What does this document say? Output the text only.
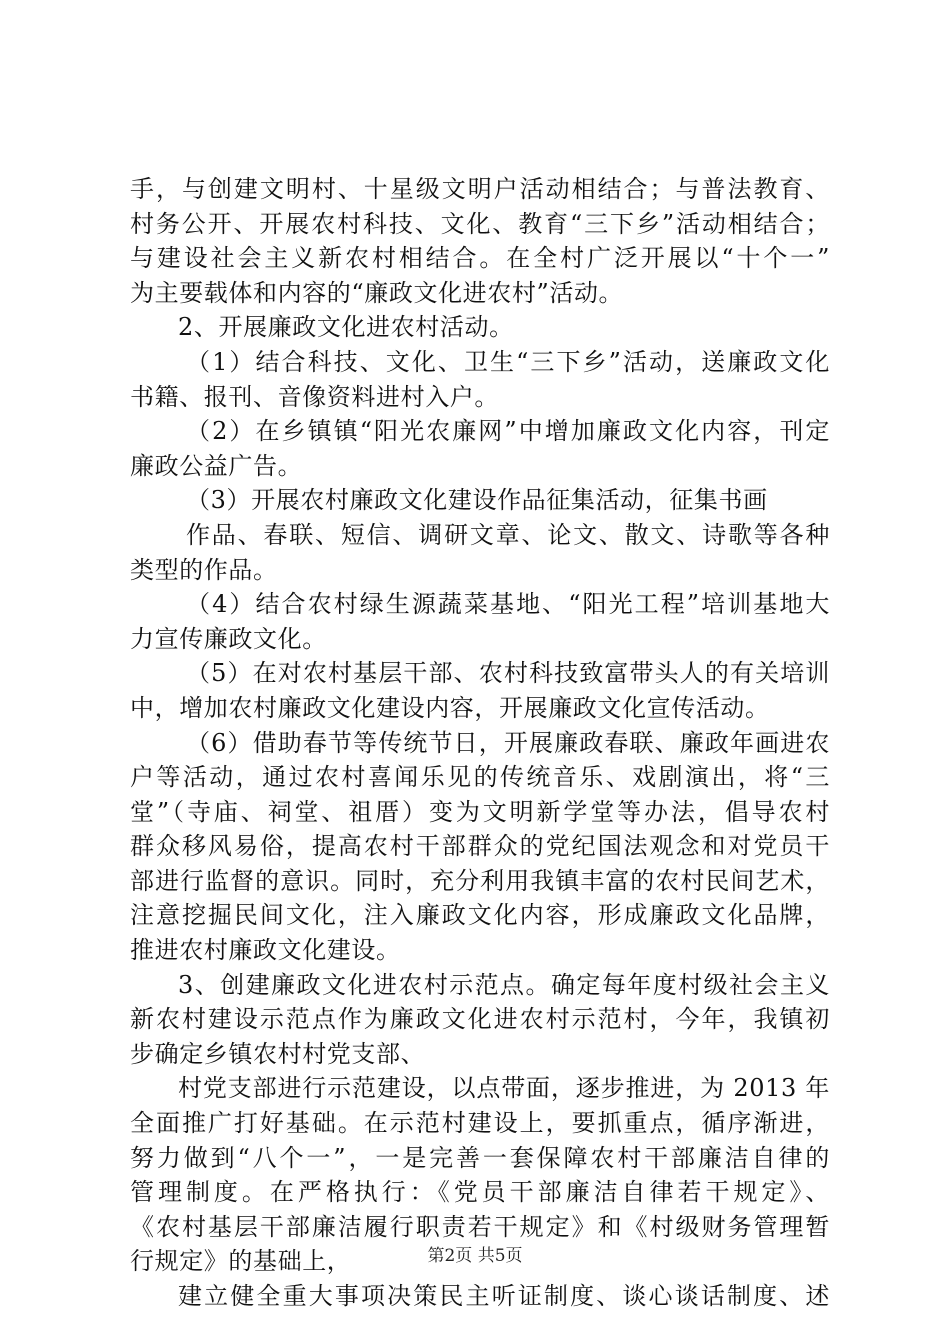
手，与创建文明村、十星级文明户活动相结合；与普法教育、
村务公开、开展农村科技、文化、教育“三下乡”活动相结合；
与建设社会主义新农村相结合。在全村广泛开展以“十个一”
为主要载体和内容的“廉政文化进农村”活动。
2、开展廉政文化进农村活动。
（1）结合科技、文化、卫生“三下乡”活动，送廉政文化
书籍、报刊、音像资料进村入户。
（2）在乡镇镇“阳光农廉网”中增加廉政文化内容，刊定
廉政公益广告。
（3）开展农村廉政文化建设作品征集活动，征集书画
作品、春联、短信、调研文章、论文、散文、诗歌等各种
类型的作品。
（4）结合农村绿生源蔬菜基地、“阳光工程”培训基地大
力宣传廉政文化。
（5）在对农村基层干部、农村科技致富带头人的有关培训
中，增加农村廉政文化建设内容，开展廉政文化宣传活动。
（6）借助春节等传统节日，开展廉政春联、廉政年画进农
户等活动，通过农村喜闻乐见的传统音乐、戏剧演出，将“三
堂”（寺庙、祠堂、祖厝）变为文明新学堂等办法，倡导农村
群众移风易俗，提高农村干部群众的党纪国法观念和对党员干
部进行监督的意识。同时，充分利用我镇丰富的农村民间艺术，
注意挖掘民间文化，注入廉政文化内容，形成廉政文化品牌，
推进农村廉政文化建设。
3、创建廉政文化进农村示范点。确定每年度村级社会主义
新农村建设示范点作为廉政文化进农村示范村，今年，我镇初
步确定乡镇农村村党支部、
村党支部进行示范建设，以点带面，逐步推进，为 2013 年
全面推广打好基础。在示范村建设上，要抓重点，循序渐进，
努力做到“八个一”，一是完善一套保障农村干部廉洁自律的
管理制度。在严格执行：《党员干部廉洁自律若干规定》、
《农村基层干部廉洁履行职责若干规定》和《村级财务管理暂
行规定》的基础上，
建立健全重大事项决策民主听证制度、谈心谈话制度、述
第2页 共5页
